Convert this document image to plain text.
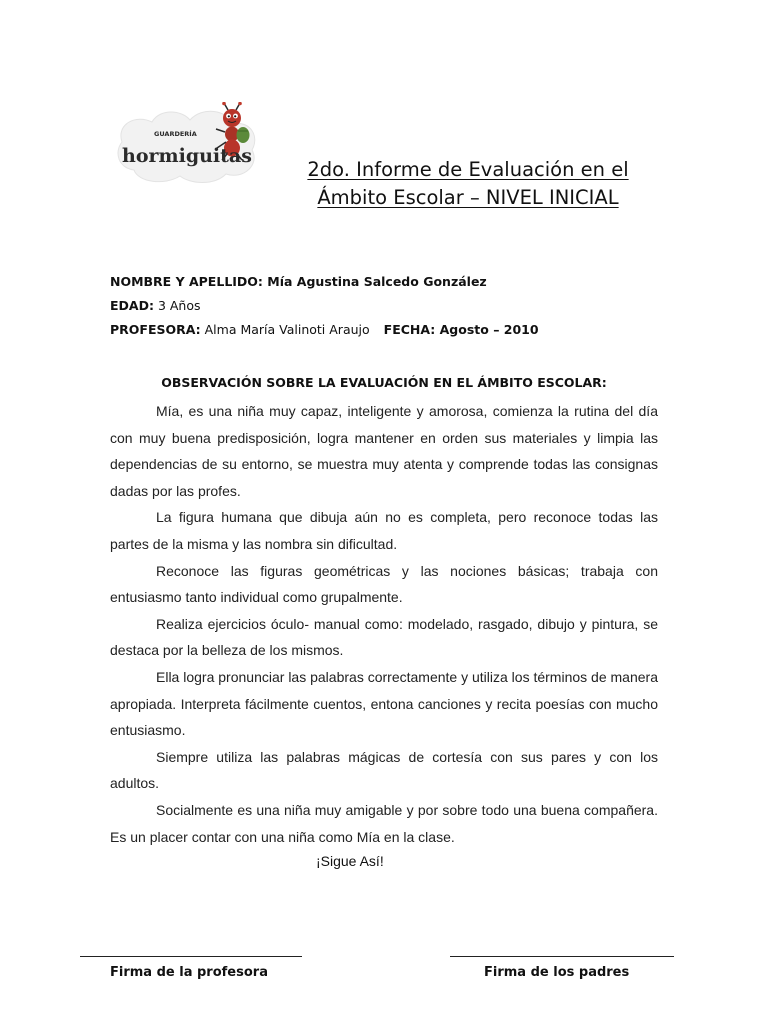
GUARDERÍA
hormiguitas
2do. Informe de Evaluación en el
Ámbito Escolar – NIVEL INICIAL
NOMBRE Y APELLIDO: Mía Agustina Salcedo González
EDAD: 3 Años
PROFESORA: Alma María Valinoti Araujo FECHA: Agosto – 2010
OBSERVACIÓN SOBRE LA EVALUACIÓN EN EL ÁMBITO ESCOLAR:

Mía, es una niña muy capaz, inteligente y amorosa, comienza la rutina del día con muy buena predisposición, logra mantener en orden sus materiales y limpia las dependencias de su entorno, se muestra muy atenta y comprende todas las consignas dadas por las profes.

La figura humana que dibuja aún no es completa, pero reconoce todas las partes de la misma y las nombra sin dificultad.

Reconoce las figuras geométricas y las nociones básicas; trabaja con entusiasmo tanto individual como grupalmente.

Realiza ejercicios óculo- manual como: modelado, rasgado, dibujo y pintura, se destaca por la belleza de los mismos.

Ella logra pronunciar las palabras correctamente y utiliza los términos de manera apropiada. Interpreta fácilmente cuentos, entona canciones y recita poesías con mucho entusiasmo.

Siempre utiliza las palabras mágicas de cortesía con sus pares y con los adultos.

Socialmente es una niña muy amigable y por sobre todo una buena compañera. Es un placer contar con una niña como Mía en la clase.

¡Sigue Así!
Firma de la profesora	Firma de los padres
